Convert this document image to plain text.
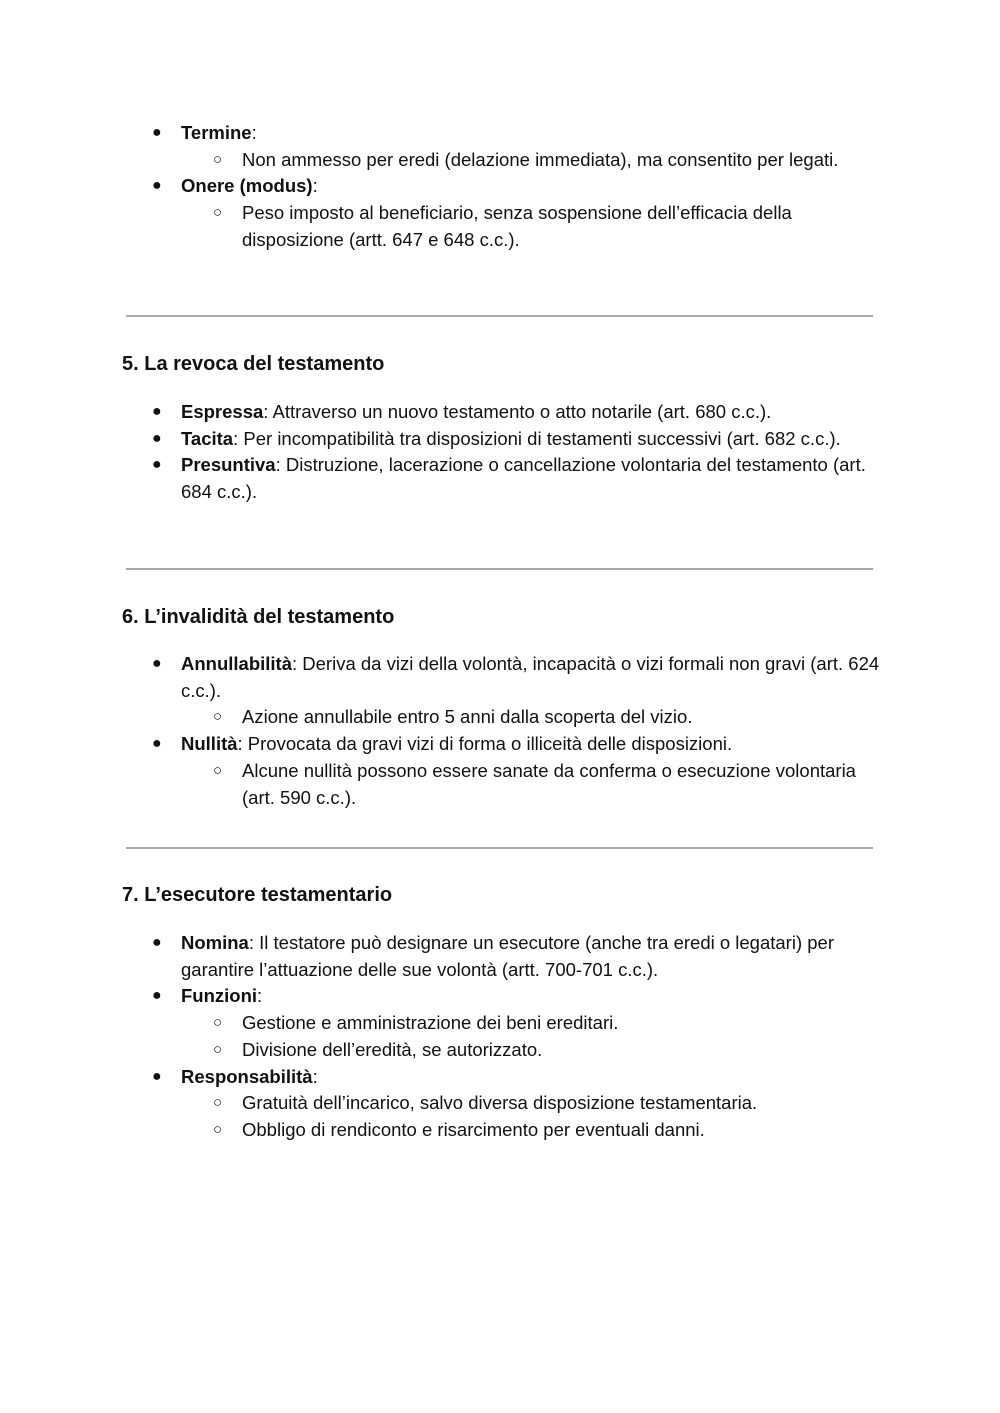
● Termine:
○ Non ammesso per eredi (delazione immediata), ma consentito per legati.
● Onere (modus):
○ Peso imposto al beneficiario, senza sospensione dell’efficacia della disposizione (artt. 647 e 648 c.c.).
5. La revoca del testamento
● Espressa: Attraverso un nuovo testamento o atto notarile (art. 680 c.c.).
● Tacita: Per incompatibilità tra disposizioni di testamenti successivi (art. 682 c.c.).
● Presuntiva: Distruzione, lacerazione o cancellazione volontaria del testamento (art. 684 c.c.).
6. L’invalidità del testamento
● Annullabilità: Deriva da vizi della volontà, incapacità o vizi formali non gravi (art. 624 c.c.).
○ Azione annullabile entro 5 anni dalla scoperta del vizio.
● Nullità: Provocata da gravi vizi di forma o illiceità delle disposizioni.
○ Alcune nullità possono essere sanate da conferma o esecuzione volontaria (art. 590 c.c.).
7. L’esecutore testamentario
● Nomina: Il testatore può designare un esecutore (anche tra eredi o legatari) per garantire l’attuazione delle sue volontà (artt. 700-701 c.c.).
● Funzioni:
○ Gestione e amministrazione dei beni ereditari.
○ Divisione dell’eredità, se autorizzato.
● Responsabilità:
○ Gratuità dell’incarico, salvo diversa disposizione testamentaria.
○ Obbligo di rendiconto e risarcimento per eventuali danni.
